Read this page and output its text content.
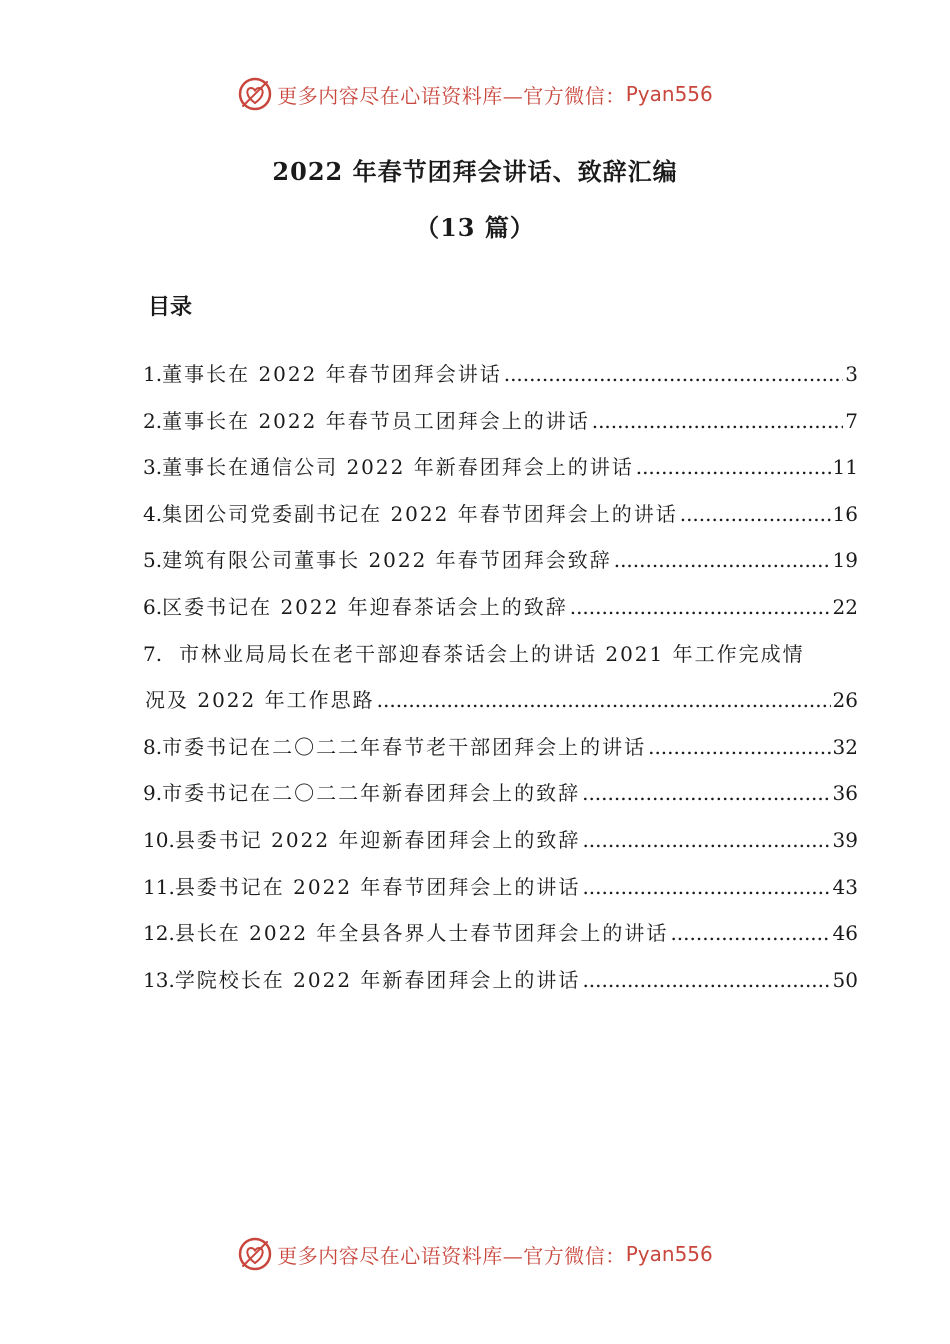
更多内容尽在心语资料库—官方微信： Pyan556
2022 年春节团拜会讲话、致辞汇编
（13 篇）
目录
1. 董事长在 2022 年春节团拜会讲话 .....	3
2. 董事长在 2022 年春节员工团拜会上的讲话 .....	7
3. 董事长在通信公司 2022 年新春团拜会上的讲话 .....	11
4. 集团公司党委副书记在 2022 年春节团拜会上的讲话 .....	16
5. 建筑有限公司董事长 2022 年春节团拜会致辞 .....	19
6. 区委书记在 2022 年迎春茶话会上的致辞 .....	22
7. 市林业局局长在老干部迎春茶话会上的讲话 2021 年工作完成情
况及 2022 年工作思路 .....	26
8. 市委书记在二〇二二年春节老干部团拜会上的讲话 .....	32
9. 市委书记在二〇二二年新春团拜会上的致辞 .....	36
10. 县委书记 2022 年迎新春团拜会上的致辞 .....	39
11. 县委书记在 2022 年春节团拜会上的讲话 .....	43
12. 县长在 2022 年全县各界人士春节团拜会上的讲话 .....	46
13. 学院校长在 2022 年新春团拜会上的讲话 .....	50
更多内容尽在心语资料库—官方微信： Pyan556
